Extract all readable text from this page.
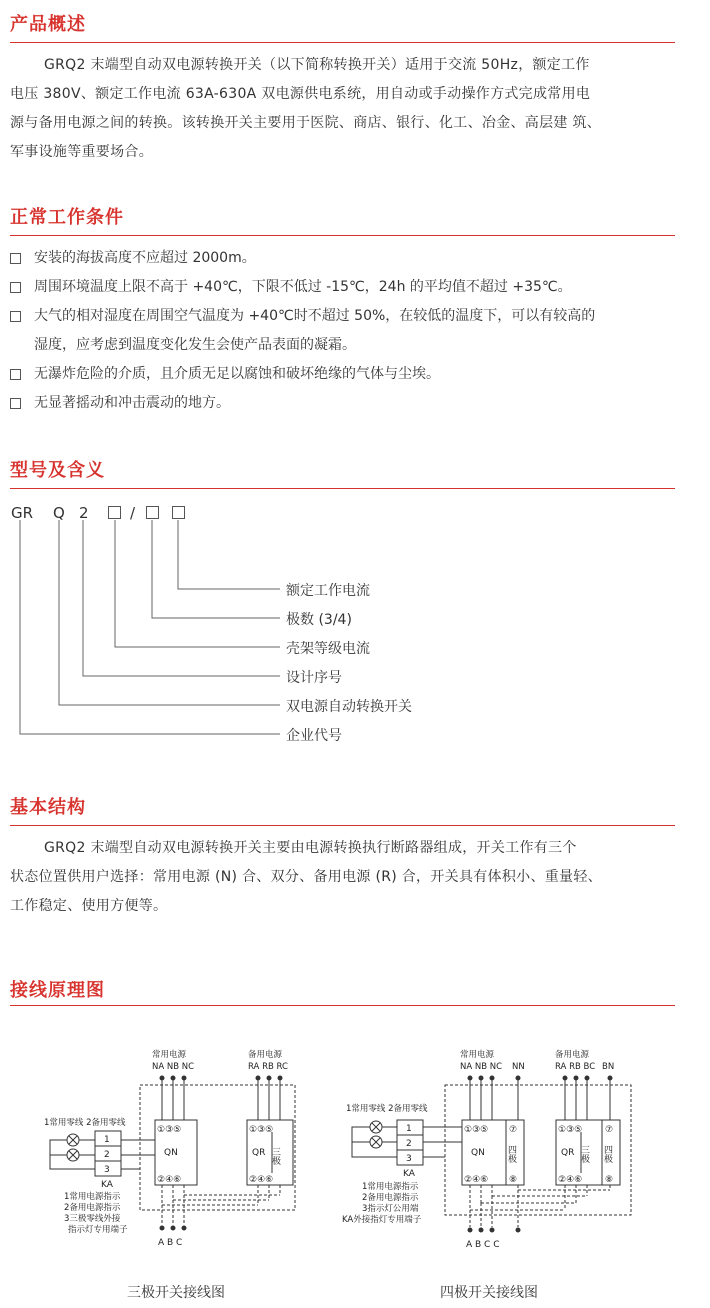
产品概述
GRQ2 末端型自动双电源转换开关（以下简称转换开关）适用于交流 50Hz，额定工作
电压 380V、额定工作电流 63A-630A 双电源供电系统，用自动或手动操作方式完成常用电
源与备用电源之间的转换。该转换开关主要用于医院、商店、银行、化工、冶金、高层建 筑、
军事设施等重要场合。
正常工作条件
安装的海拔高度不应超过 2000m。
周围环境温度上限不高于 +40℃，下限不低过 -15℃，24h 的平均值不超过 +35℃。
大气的相对湿度在周围空气温度为 +40℃时不超过 50%，在较低的温度下，可以有较高的
湿度，应考虑到温度变化发生会使产品表面的凝霜。
无瀑炸危险的介质，且介质无足以腐蚀和破坏绝缘的气体与尘埃。
无显著摇动和冲击震动的地方。
型号及含义
GR Q 2	/
额定工作电流
极数 (3/4)
壳架等级电流
设计序号
双电源自动转换开关
企业代号
基本结构
GRQ2 末端型自动双电源转换开关主要由电源转换执行断路器组成，开关工作有三个
状态位置供用户选择：常用电源 (N) 合、双分、备用电源 (R) 合，开关具有体积小、重量轻、
工作稳定、使用方便等。
接线原理图
常用电源
NA NB NC
备用电源
RA RB RC
1常用零线 2备用零线
①③⑤
QN
②④⑥
①③⑤
QR 三极
②④⑥
1
2
3
KA
1常用电源指示
2备用电源指示
3三极零线外接
指示灯专用端子
A B C
三极开关接线图
常用电源
NA NB NC NN
备用电源
RA RB BC BN
1常用零线 2备用零线
①③⑤ ⑦
QN 四极
②④⑥ ⑧
①③⑤	⑦
QR 三极 四极
②④⑥	⑧
1
2
3
KA
1常用电源指示
2备用电源指示
3指示灯公用端
KA外接指灯专用端子
A B C C
四极开关接线图
